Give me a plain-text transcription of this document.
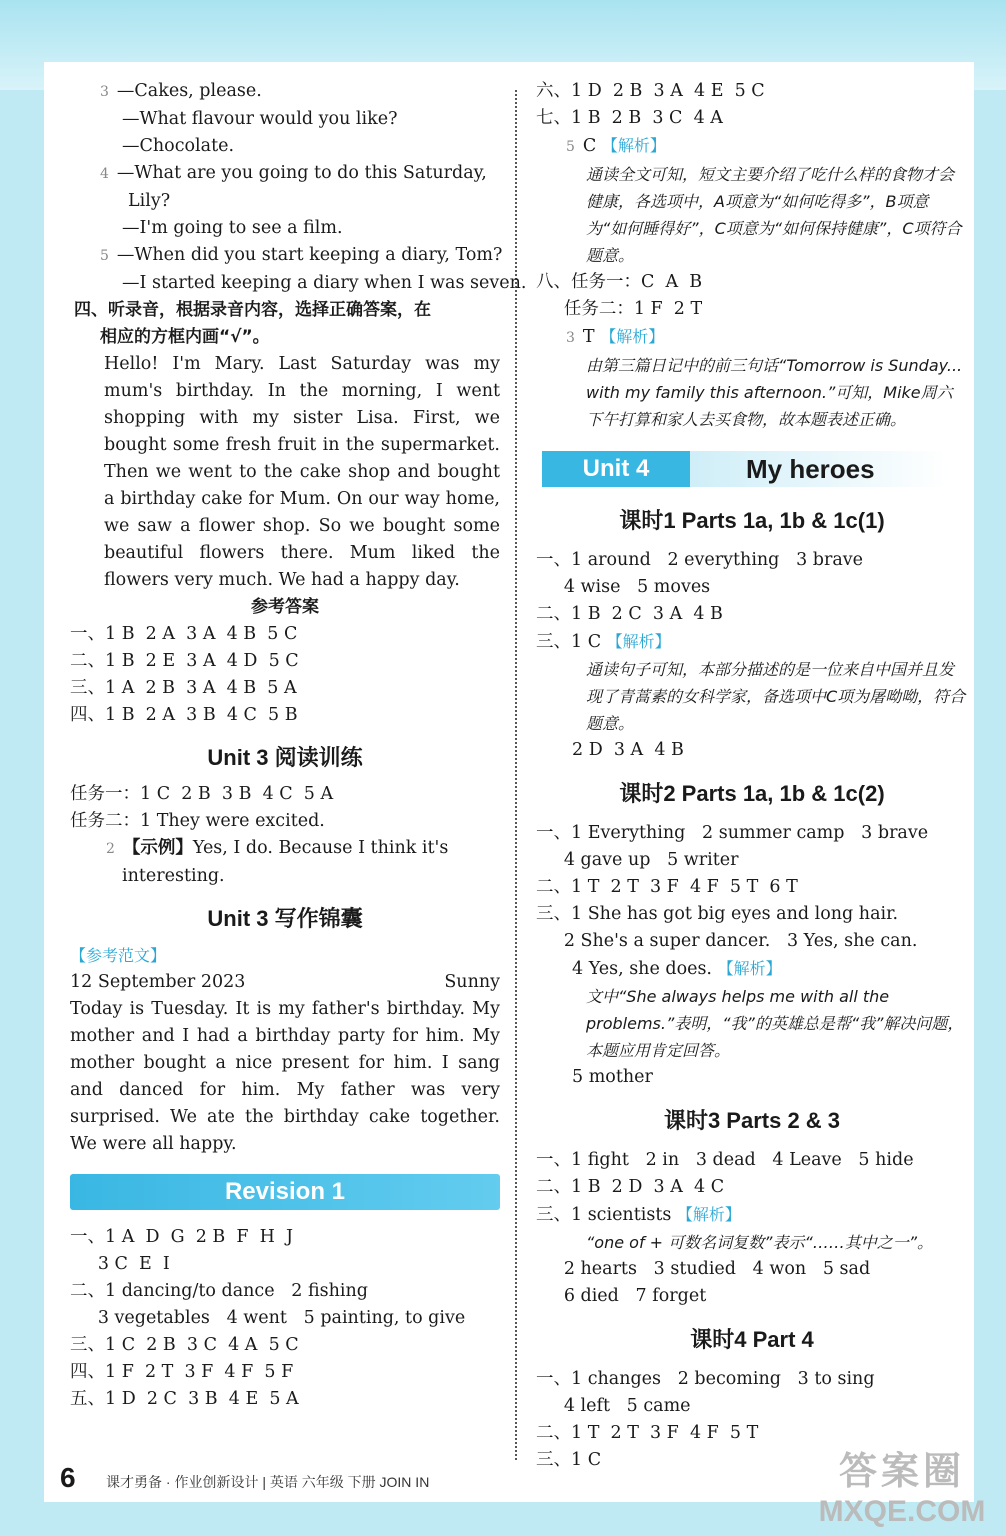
3 —Cakes, please.
—What flavour would you like?
—Chocolate.
4 —What are you going to do this Saturday,
Lily?
—I'm going to see a film.
5 —When did you start keeping a diary, Tom?
—I started keeping a diary when I was seven.
四、听录音，根据录音内容，选择正确答案，在
相应的方框内画“√”。
Hello! I'm Mary. Last Saturday was my mum's birthday. In the morning, I went shopping with my sister Lisa. First, we bought some fresh fruit in the supermarket. Then we went to the cake shop and bought a birthday cake for Mum. On our way home, we saw a flower shop. So we bought some beautiful flowers there. Mum liked the flowers very much. We had a happy day.
参考答案
一、1 B  2 A  3 A  4 B  5 C
二、1 B  2 E  3 A  4 D  5 C
三、1 A  2 B  3 A  4 B  5 A
四、1 B  2 A  3 B  4 C  5 B
Unit 3 阅读训练
任务一：1 C  2 B  3 B  4 C  5 A
任务二：1 They were excited.
2 【示例】Yes, I do. Because I think it's
interesting.
Unit 3 写作锦囊
【参考范文】
12 September 2023	Sunny
Today is Tuesday. It is my father's birthday. My mother and I had a birthday party for him. My mother bought a nice present for him. I sang and danced for him. My father was very surprised. We ate the birthday cake together. We were all happy.
Revision 1
一、1 A  D  G  2 B  F  H  J
3 C  E  I
二、1 dancing/to dance   2 fishing
3 vegetables   4 went   5 painting, to give
三、1 C  2 B  3 C  4 A  5 C
四、1 F  2 T  3 F  4 F  5 F
五、1 D  2 C  3 B  4 E  5 A
六、1 D  2 B  3 A  4 E  5 C
七、1 B  2 B  3 C  4 A
5 C 【解析】
通读全文可知，短文主要介绍了吃什么样的食物才会健康，各选项中，A项意为“如何吃得多”，B项意为“如何睡得好”，C项意为“如何保持健康”，C项符合题意。
八、任务一：C  A  B
任务二：1 F  2 T
3 T 【解析】
由第三篇日记中的前三句话“Tomorrow is Sunday... with my family this afternoon.”可知，Mike周六下午打算和家人去买食物，故本题表述正确。
Unit 4	My heroes
课时1 Parts 1a, 1b & 1c(1)
一、1 around   2 everything   3 brave
4 wise   5 moves
二、1 B  2 C  3 A  4 B
三、1 C 【解析】
通读句子可知，本部分描述的是一位来自中国并且发现了青蒿素的女科学家，备选项中C项为屠呦呦，符合题意。
2 D  3 A  4 B
课时2 Parts 1a, 1b & 1c(2)
一、1 Everything   2 summer camp   3 brave
4 gave up   5 writer
二、1 T  2 T  3 F  4 F  5 T  6 T
三、1 She has got big eyes and long hair.
2 She's a super dancer.   3 Yes, she can.
4 Yes, she does. 【解析】
文中“She always helps me with all the problems.”表明，“我”的英雄总是帮“我”解决问题，本题应用肯定回答。
5 mother
课时3 Parts 2 & 3
一、1 fight   2 in   3 dead   4 Leave   5 hide
二、1 B  2 D  3 A  4 C
三、1 scientists 【解析】
“one of + 可数名词复数”表示“……其中之一”。
2 hearts   3 studied   4 won   5 sad
6 died   7 forget
课时4 Part 4
一、1 changes   2 becoming   3 to sing
4 left   5 came
二、1 T  2 T  3 F  4 F  5 T
三、1 C
6 课才勇备 · 作业创新设计 | 英语 六年级 下册 JOIN IN	答案圈
MXQE.COM
